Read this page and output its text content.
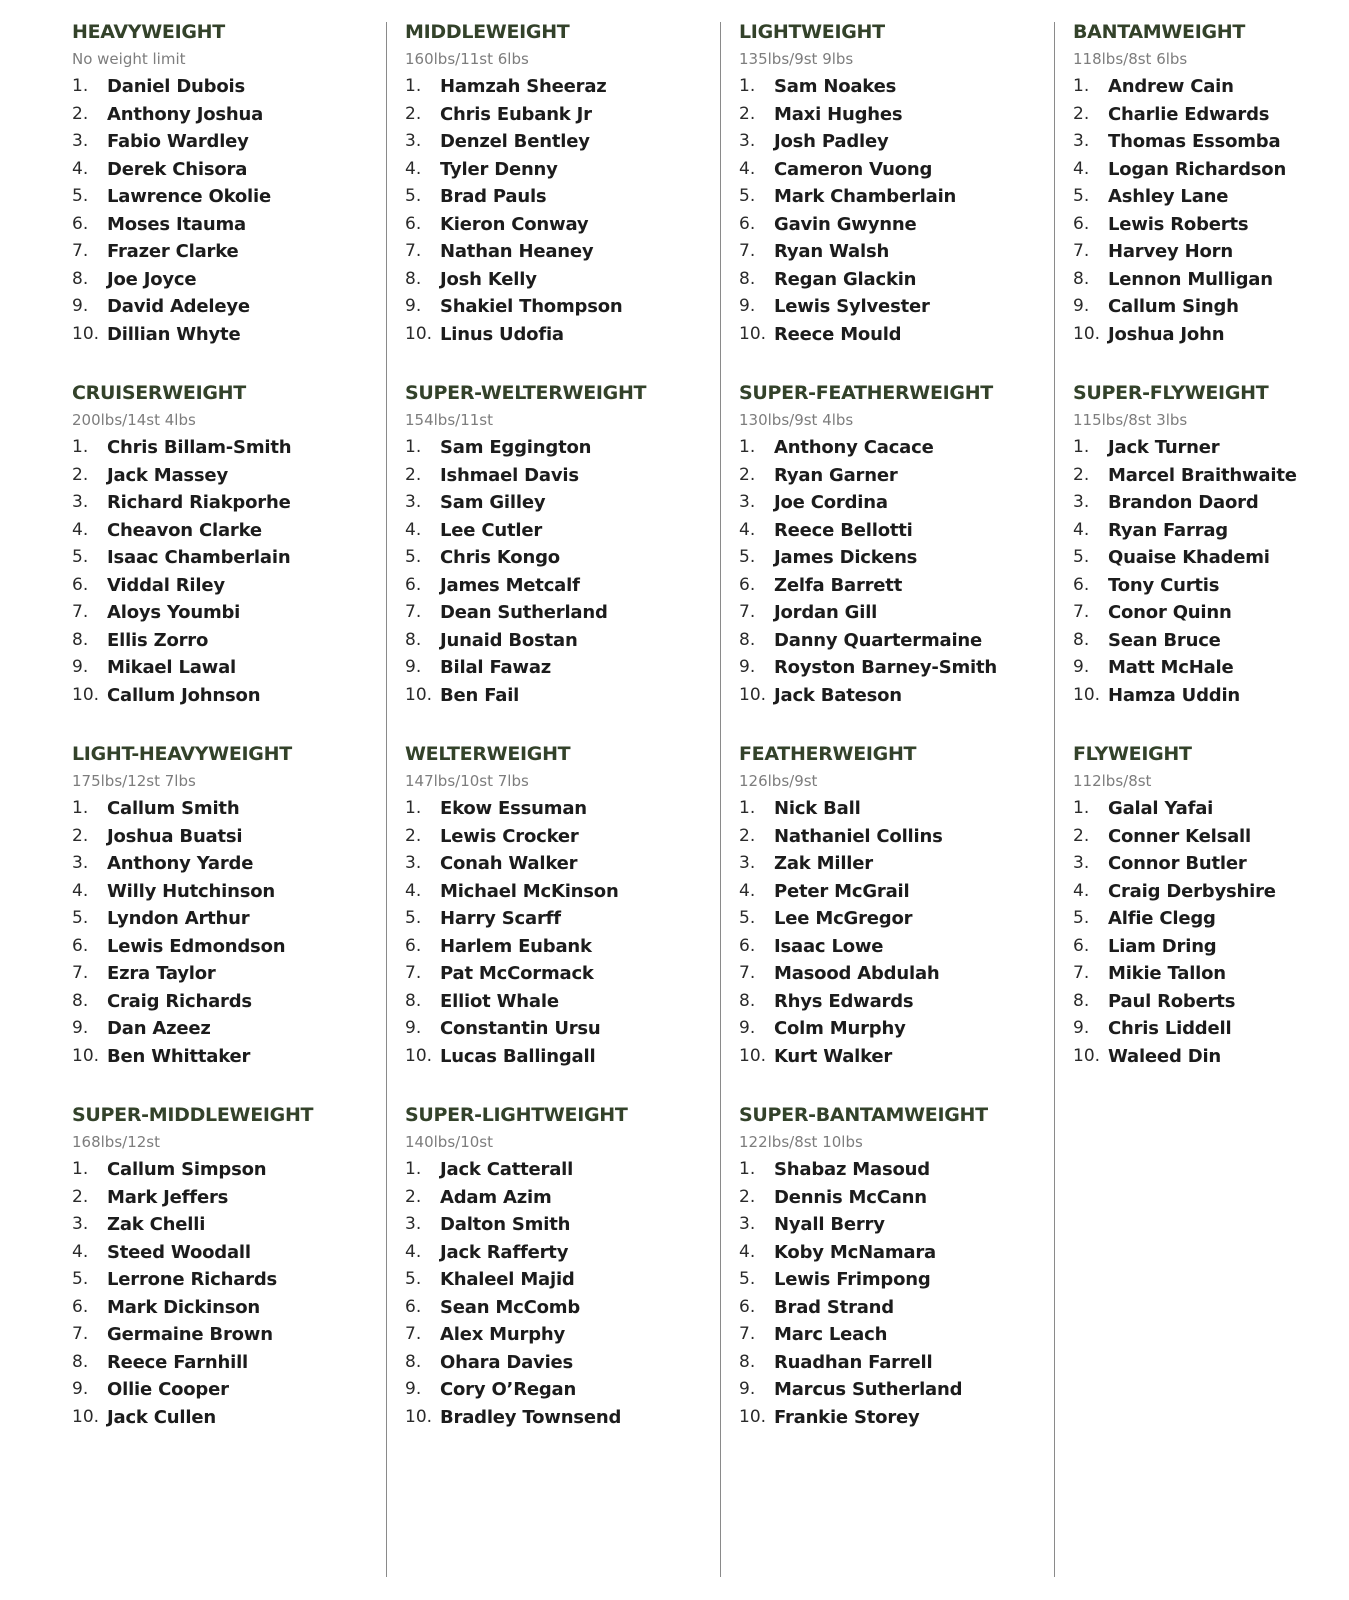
HEAVYWEIGHT
No weight limit
1.	Daniel Dubois
2.	Anthony Joshua
3.	Fabio Wardley
4.	Derek Chisora
5.	Lawrence Okolie
6.	Moses Itauma
7.	Frazer Clarke
8.	Joe Joyce
9.	David Adeleye
10. Dillian Whyte
CRUISERWEIGHT
200lbs/14st 4lbs
1.	Chris Billam-Smith
2.	Jack Massey
3.	Richard Riakporhe
4.	Cheavon Clarke
5.	Isaac Chamberlain
6.	Viddal Riley
7.	Aloys Youmbi
8.	Ellis Zorro
9.	Mikael Lawal
10. Callum Johnson
LIGHT-HEAVYWEIGHT
175lbs/12st 7lbs
1.	Callum Smith
2.	Joshua Buatsi
3.	Anthony Yarde
4.	Willy Hutchinson
5.	Lyndon Arthur
6.	Lewis Edmondson
7.	Ezra Taylor
8.	Craig Richards
9.	Dan Azeez
10. Ben Whittaker
SUPER-MIDDLEWEIGHT
168lbs/12st
1.	Callum Simpson
2.	Mark Jeffers
3.	Zak Chelli
4.	Steed Woodall
5.	Lerrone Richards
6.	Mark Dickinson
7.	Germaine Brown
8.	Reece Farnhill
9.	Ollie Cooper
10. Jack Cullen
MIDDLEWEIGHT
160lbs/11st 6lbs
1.	Hamzah Sheeraz
2.	Chris Eubank Jr
3.	Denzel Bentley
4.	Tyler Denny
5.	Brad Pauls
6.	Kieron Conway
7.	Nathan Heaney
8.	Josh Kelly
9.	Shakiel Thompson
10. Linus Udofia
SUPER-WELTERWEIGHT
154lbs/11st
1.	Sam Eggington
2.	Ishmael Davis
3.	Sam Gilley
4.	Lee Cutler
5.	Chris Kongo
6.	James Metcalf
7.	Dean Sutherland
8.	Junaid Bostan
9.	Bilal Fawaz
10. Ben Fail
WELTERWEIGHT
147lbs/10st 7lbs
1.	Ekow Essuman
2.	Lewis Crocker
3.	Conah Walker
4.	Michael McKinson
5.	Harry Scarff
6.	Harlem Eubank
7.	Pat McCormack
8.	Elliot Whale
9.	Constantin Ursu
10. Lucas Ballingall
SUPER-LIGHTWEIGHT
140lbs/10st
1.	Jack Catterall
2.	Adam Azim
3.	Dalton Smith
4.	Jack Rafferty
5.	Khaleel Majid
6.	Sean McComb
7.	Alex Murphy
8.	Ohara Davies
9.	Cory O’Regan
10. Bradley Townsend
LIGHTWEIGHT
135lbs/9st 9lbs
1.	Sam Noakes
2.	Maxi Hughes
3.	Josh Padley
4.	Cameron Vuong
5.	Mark Chamberlain
6.	Gavin Gwynne
7.	Ryan Walsh
8.	Regan Glackin
9.	Lewis Sylvester
10. Reece Mould
SUPER-FEATHERWEIGHT
130lbs/9st 4lbs
1.	Anthony Cacace
2.	Ryan Garner
3.	Joe Cordina
4.	Reece Bellotti
5.	James Dickens
6.	Zelfa Barrett
7.	Jordan Gill
8.	Danny Quartermaine
9.	Royston Barney-Smith
10. Jack Bateson
FEATHERWEIGHT
126lbs/9st
1.	Nick Ball
2.	Nathaniel Collins
3.	Zak Miller
4.	Peter McGrail
5.	Lee McGregor
6.	Isaac Lowe
7.	Masood Abdulah
8.	Rhys Edwards
9.	Colm Murphy
10. Kurt Walker
SUPER-BANTAMWEIGHT
122lbs/8st 10lbs
1.	Shabaz Masoud
2.	Dennis McCann
3.	Nyall Berry
4.	Koby McNamara
5.	Lewis Frimpong
6.	Brad Strand
7.	Marc Leach
8.	Ruadhan Farrell
9.	Marcus Sutherland
10. Frankie Storey
BANTAMWEIGHT
118lbs/8st 6lbs
1.	Andrew Cain
2.	Charlie Edwards
3.	Thomas Essomba
4.	Logan Richardson
5.	Ashley Lane
6.	Lewis Roberts
7.	Harvey Horn
8.	Lennon Mulligan
9.	Callum Singh
10. Joshua John
SUPER-FLYWEIGHT
115lbs/8st 3lbs
1.	Jack Turner
2.	Marcel Braithwaite
3.	Brandon Daord
4.	Ryan Farrag
5.	Quaise Khademi
6.	Tony Curtis
7.	Conor Quinn
8.	Sean Bruce
9.	Matt McHale
10. Hamza Uddin
FLYWEIGHT
112lbs/8st
1.	Galal Yafai
2.	Conner Kelsall
3.	Connor Butler
4.	Craig Derbyshire
5.	Alfie Clegg
6.	Liam Dring
7.	Mikie Tallon
8.	Paul Roberts
9.	Chris Liddell
10. Waleed Din
